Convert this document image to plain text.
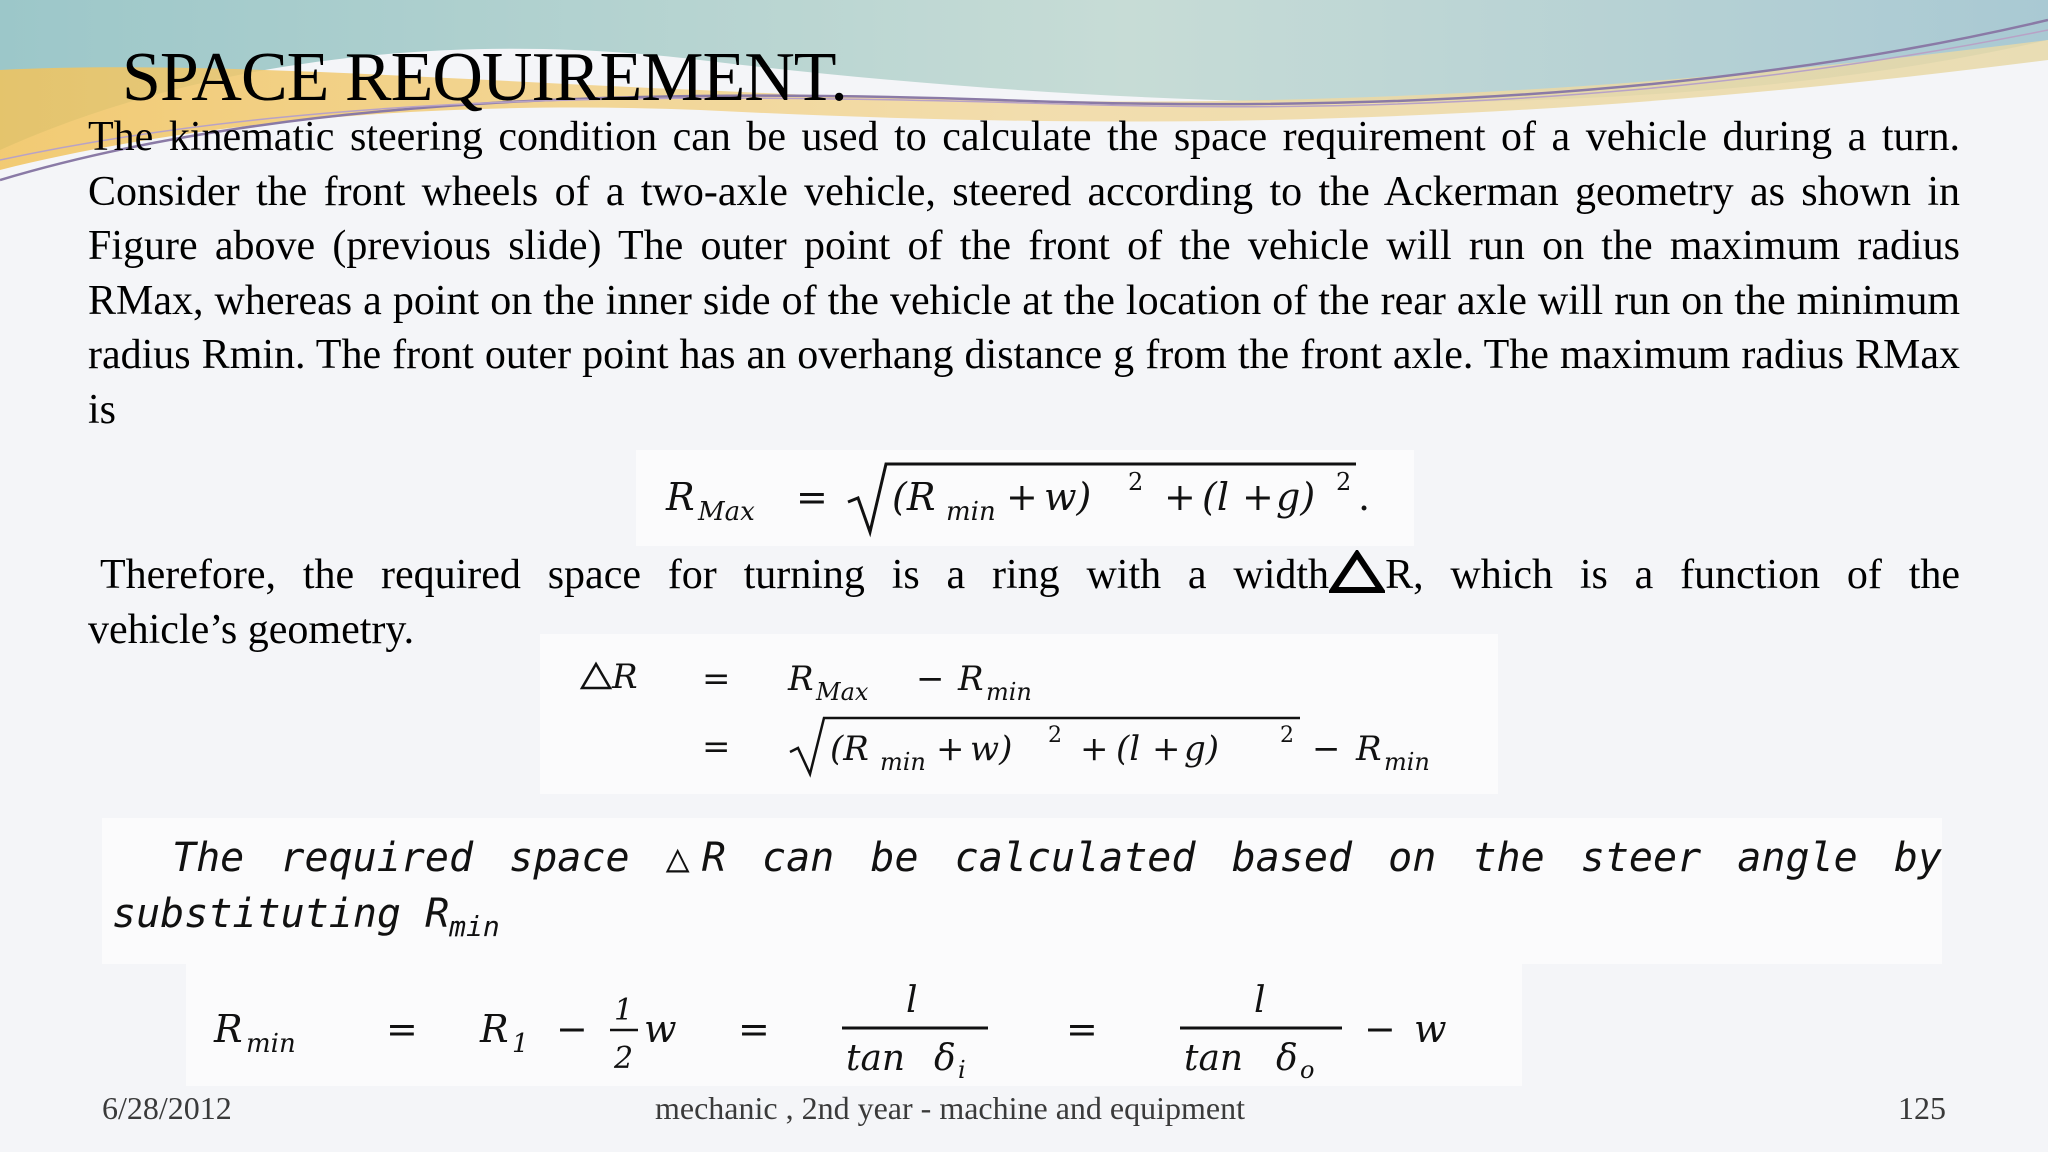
SPACE REQUIREMENT.

The kinematic steering condition can be used to calculate the space requirement of a vehicle during a turn. Consider the front wheels of a two-axle vehicle, steered according to the Ackerman geometry as shown in Figure above (previous slide) The outer point of the front of the vehicle will run on the maximum radius RMax, whereas a point on the inner side of the vehicle at the location of the rear axle will run on the minimum radius Rmin. The front outer point has an overhang distance g from the front axle. The maximum radius RMax is

R Max = (R min + w) 2 + (l + g) 2 .

Therefore, the required space for turning is a ring with a width R, which is a function of the
vehicle’s geometry.

R = R Max − R min
=	(R min + w) 2 + (l + g)	2 − R min

The required space △R can be calculated based on the steer angle by
substituting $R_{min}$

R min = R 1 − 1
2
w =
l
tan δ i
=
l
tan δ o
− w
6/28/2012	mechanic , 2nd year - machine and equipment	125
